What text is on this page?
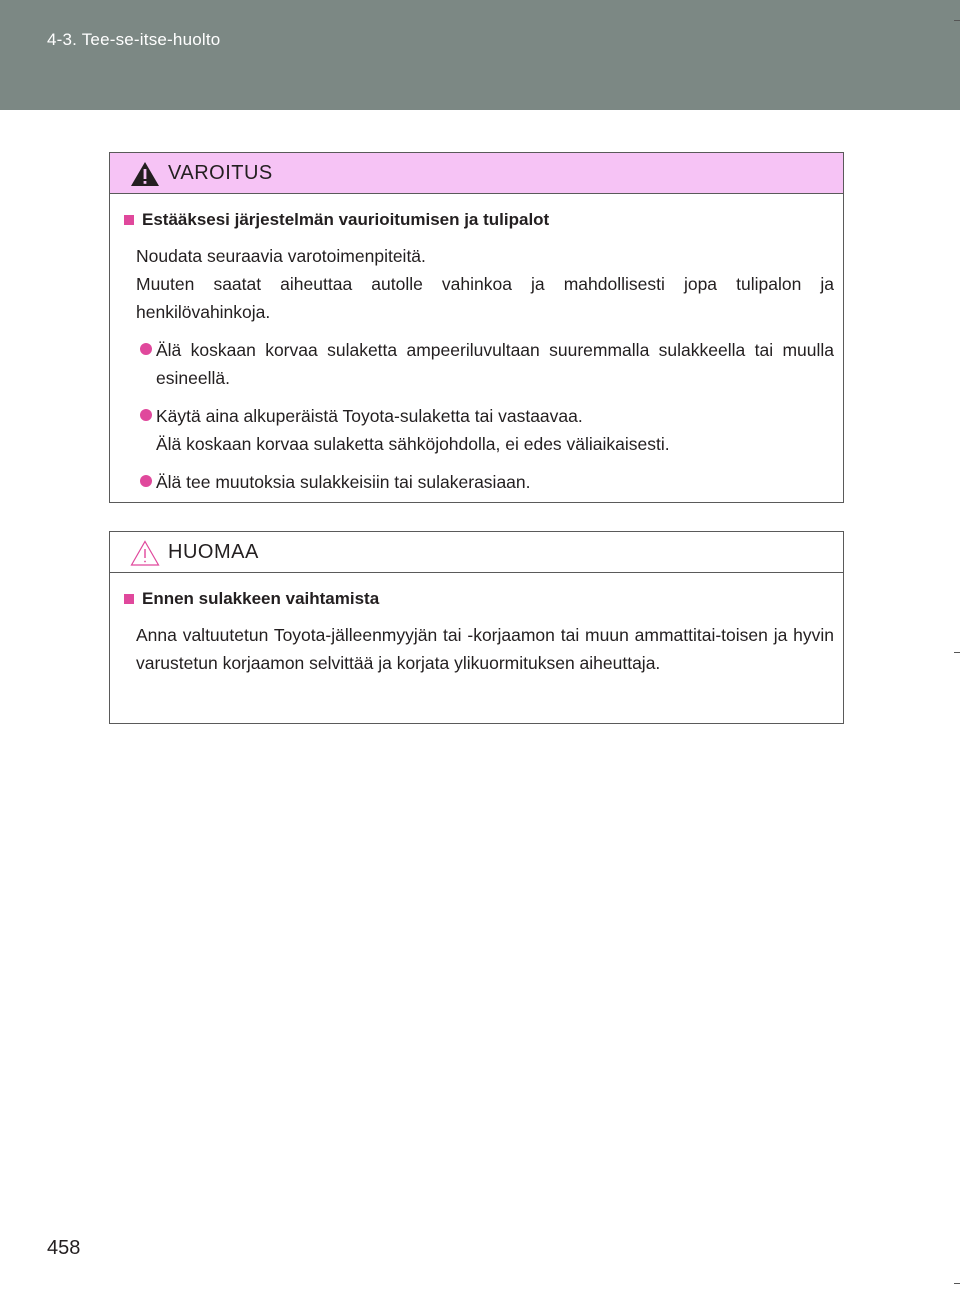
4-3. Tee-se-itse-huolto
VAROITUS
Estääksesi järjestelmän vaurioitumisen ja tulipalot

Noudata seuraavia varotoimenpiteitä.
Muuten saatat aiheuttaa autolle vahinkoa ja mahdollisesti jopa tulipalon ja henkilövahinkoja.

Älä koskaan korvaa sulaketta ampeeriluvultaan suuremmalla sulakkeella tai muulla esineellä.
Käytä aina alkuperäistä Toyota-sulaketta tai vastaavaa.
Älä koskaan korvaa sulaketta sähköjohdolla, ei edes väliaikaisesti.
Älä tee muutoksia sulakkeisiin tai sulakerasiaan.
HUOMAA
Ennen sulakkeen vaihtamista

Anna valtuutetun Toyota-jälleenmyyjän tai -korjaamon tai muun ammattitai-toisen ja hyvin varustetun korjaamon selvittää ja korjata ylikuormituksen aiheuttaja.

458
